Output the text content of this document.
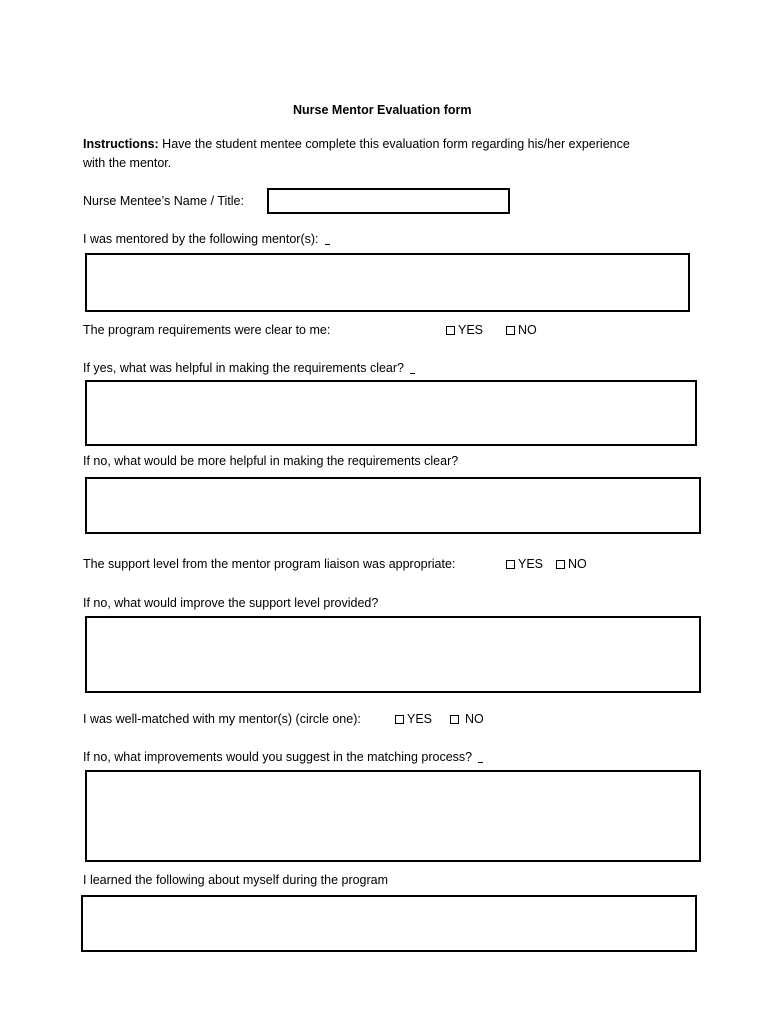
Nurse Mentor Evaluation form
Instructions: Have the student mentee complete this evaluation form regarding his/her experience
with the mentor.
Nurse Mentee’s Name / Title:
I was mentored by the following mentor(s):
The program requirements were clear to me:	YES	NO
If yes, what was helpful in making the requirements clear?
If no, what would be more helpful in making the requirements clear?
The support level from the mentor program liaison was appropriate:	YES NO
If no, what would improve the support level provided?
I was well-matched with my mentor(s) (circle one):	YES	NO
If no, what improvements would you suggest in the matching process?
I learned the following about myself during the program
